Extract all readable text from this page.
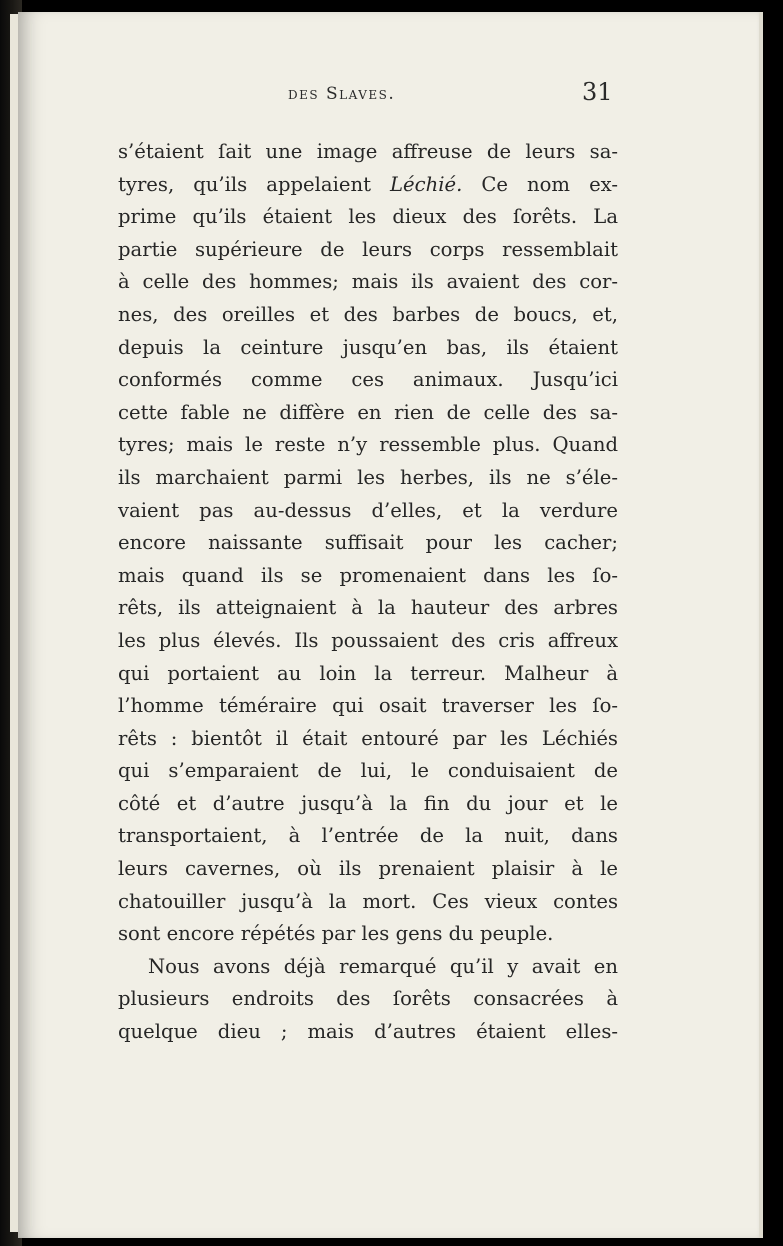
des Slaves.	31
s’étaient ſait une image affreuse de leurs sa-
tyres, qu’ils appelaient Léchié. Ce nom ex-
prime qu’ils étaient les dieux des ſorêts. La
partie supérieure de leurs corps ressemblait
à celle des hommes; mais ils avaient des cor-
nes, des oreilles et des barbes de boucs, et,
depuis la ceinture jusqu’en bas, ils étaient
conformés comme ces animaux. Jusqu’ici
cette fable ne diffère en rien de celle des sa-
tyres; mais le reste n’y ressemble plus. Quand
ils marchaient parmi les herbes, ils ne s’éle-
vaient pas au-dessus d’elles, et la verdure
encore naissante suffisait pour les cacher;
mais quand ils se promenaient dans les ſo-
rêts, ils atteignaient à la hauteur des arbres
les plus élevés. Ils poussaient des cris affreux
qui portaient au loin la terreur. Malheur à
l’homme téméraire qui osait traverser les ſo-
rêts : bientôt il était entouré par les Léchiés
qui s’emparaient de lui, le conduisaient de
côté et d’autre jusqu’à la fin du jour et le
transportaient, à l’entrée de la nuit, dans
leurs cavernes, où ils prenaient plaisir à le
chatouiller jusqu’à la mort. Ces vieux contes
sont encore répétés par les gens du peuple.
Nous avons déjà remarqué qu’il y avait en
plusieurs endroits des ſorêts consacrées à
quelque dieu ; mais d’autres étaient elles-
